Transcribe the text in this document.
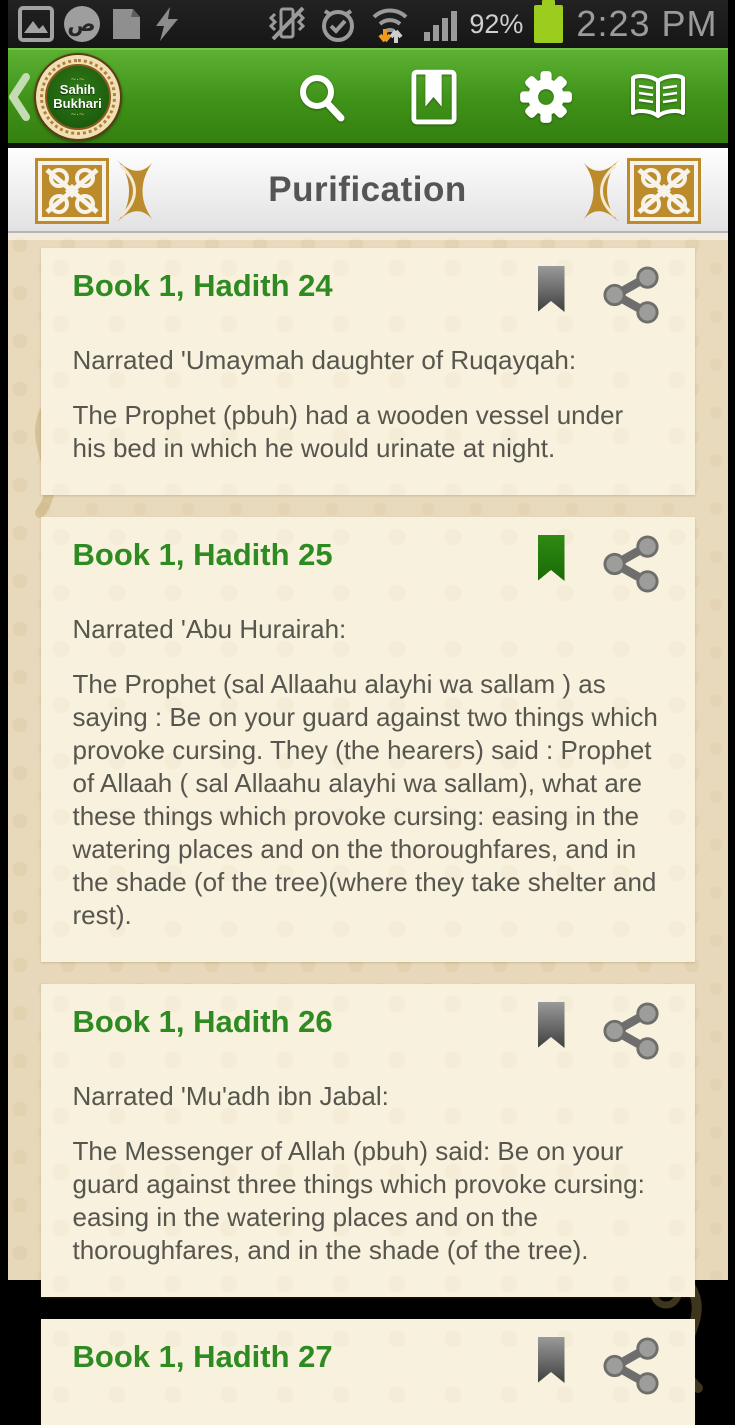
ص	92% 2:23 PM
~·~
Sahih
Bukhari
~·~
Purification
Book 1, Hadith 24
Narrated 'Umaymah daughter of Ruqayqah:
The Prophet (pbuh) had a wooden vessel under his bed in which he would urinate at night.
Book 1, Hadith 25
Narrated 'Abu Hurairah:
The Prophet (sal Allaahu alayhi wa sallam ) as saying : Be on your guard against two things which provoke cursing. They (the hearers) said : Prophet of Allaah ( sal Allaahu alayhi wa sallam), what are these things which provoke cursing: easing in the watering places and on the thoroughfares, and in the shade (of the tree)(where they take shelter and rest).
Book 1, Hadith 26
Narrated 'Mu'adh ibn Jabal:
The Messenger of Allah (pbuh) said: Be on your guard against three things which provoke cursing: easing in the watering places and on the thoroughfares, and in the shade (of the tree).
Book 1, Hadith 27
